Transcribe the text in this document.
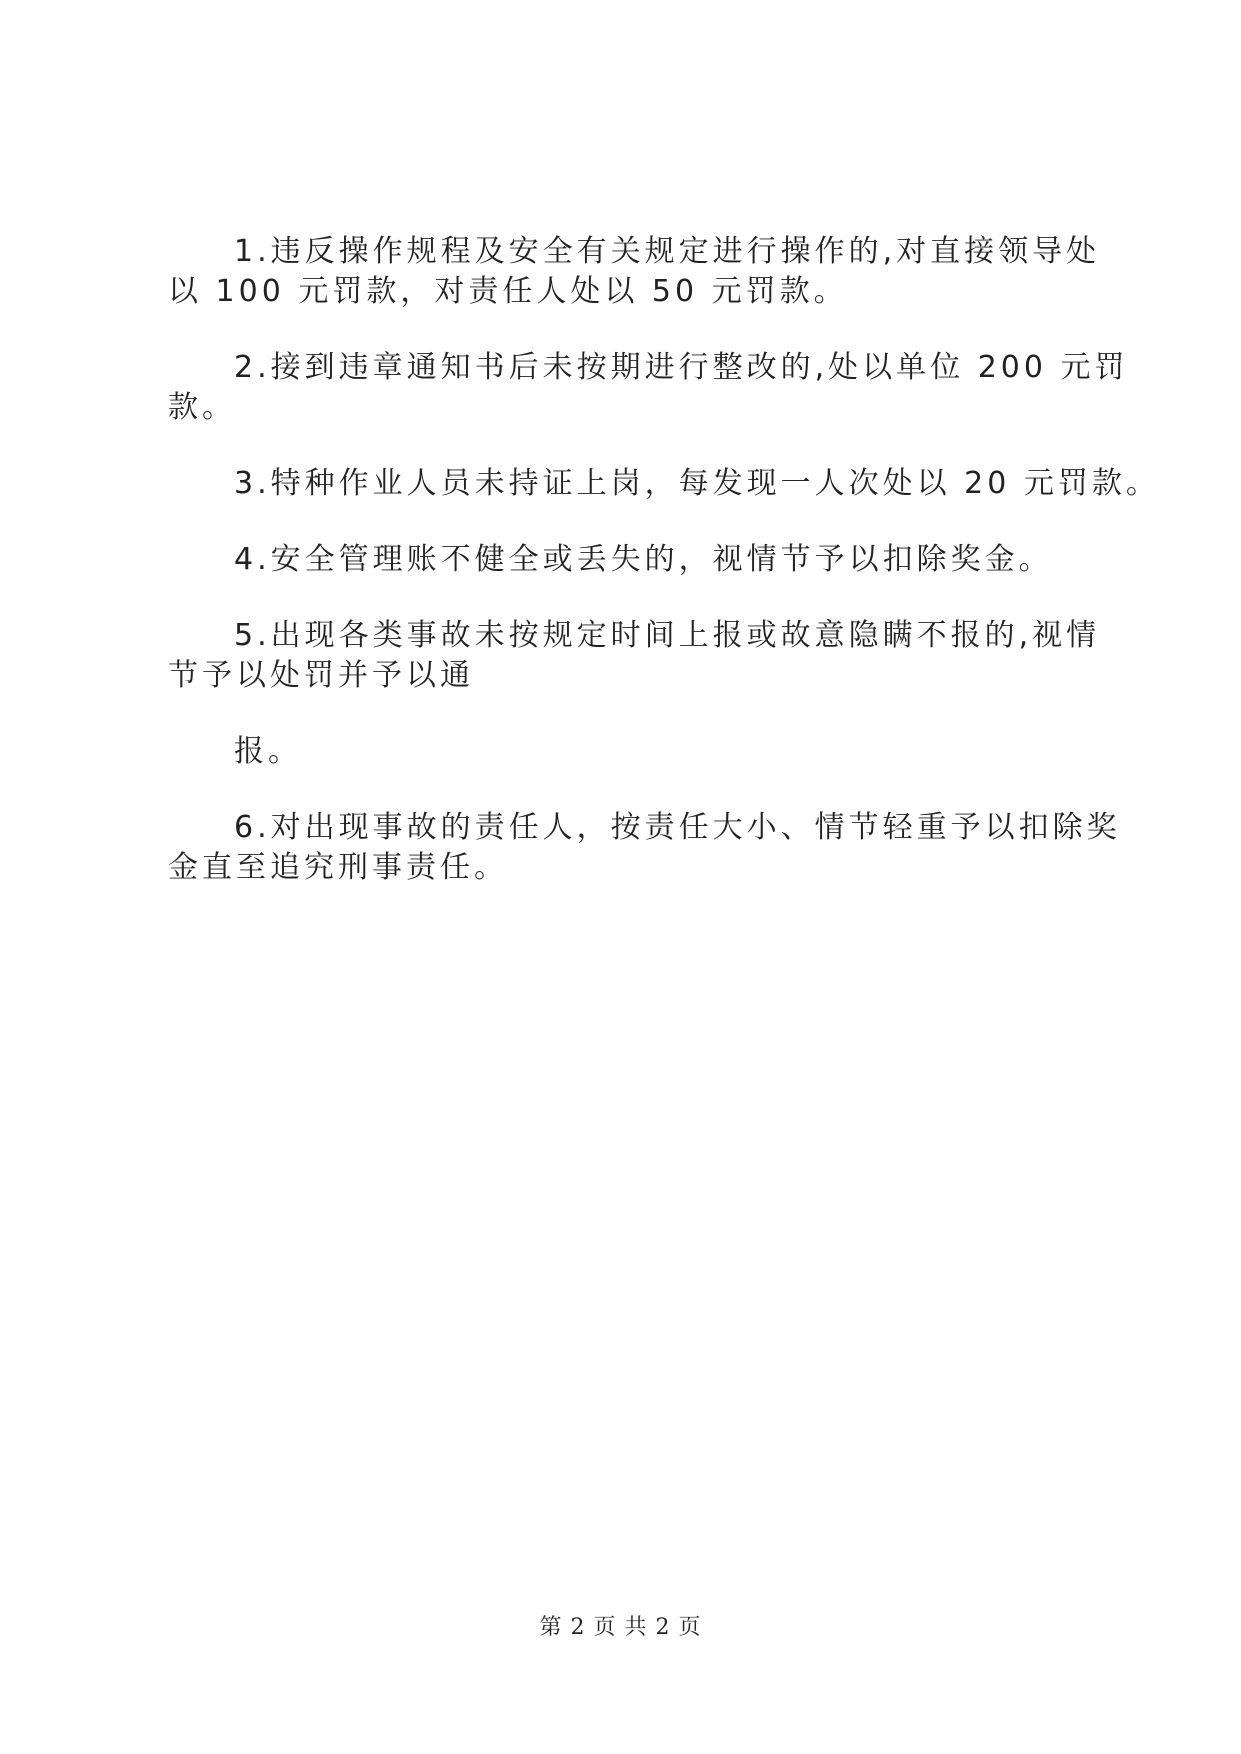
1.违反操作规程及安全有关规定进行操作的,对直接领导处
以 100 元罚款，对责任人处以 50 元罚款。
2.接到违章通知书后未按期进行整改的,处以单位 200 元罚
款。
3.特种作业人员未持证上岗，每发现一人次处以 20 元罚款。
4.安全管理账不健全或丢失的，视情节予以扣除奖金。
5.出现各类事故未按规定时间上报或故意隐瞒不报的,视情
节予以处罚并予以通
报。
6.对出现事故的责任人，按责任大小、情节轻重予以扣除奖
金直至追究刑事责任。
第 2 页 共 2 页
